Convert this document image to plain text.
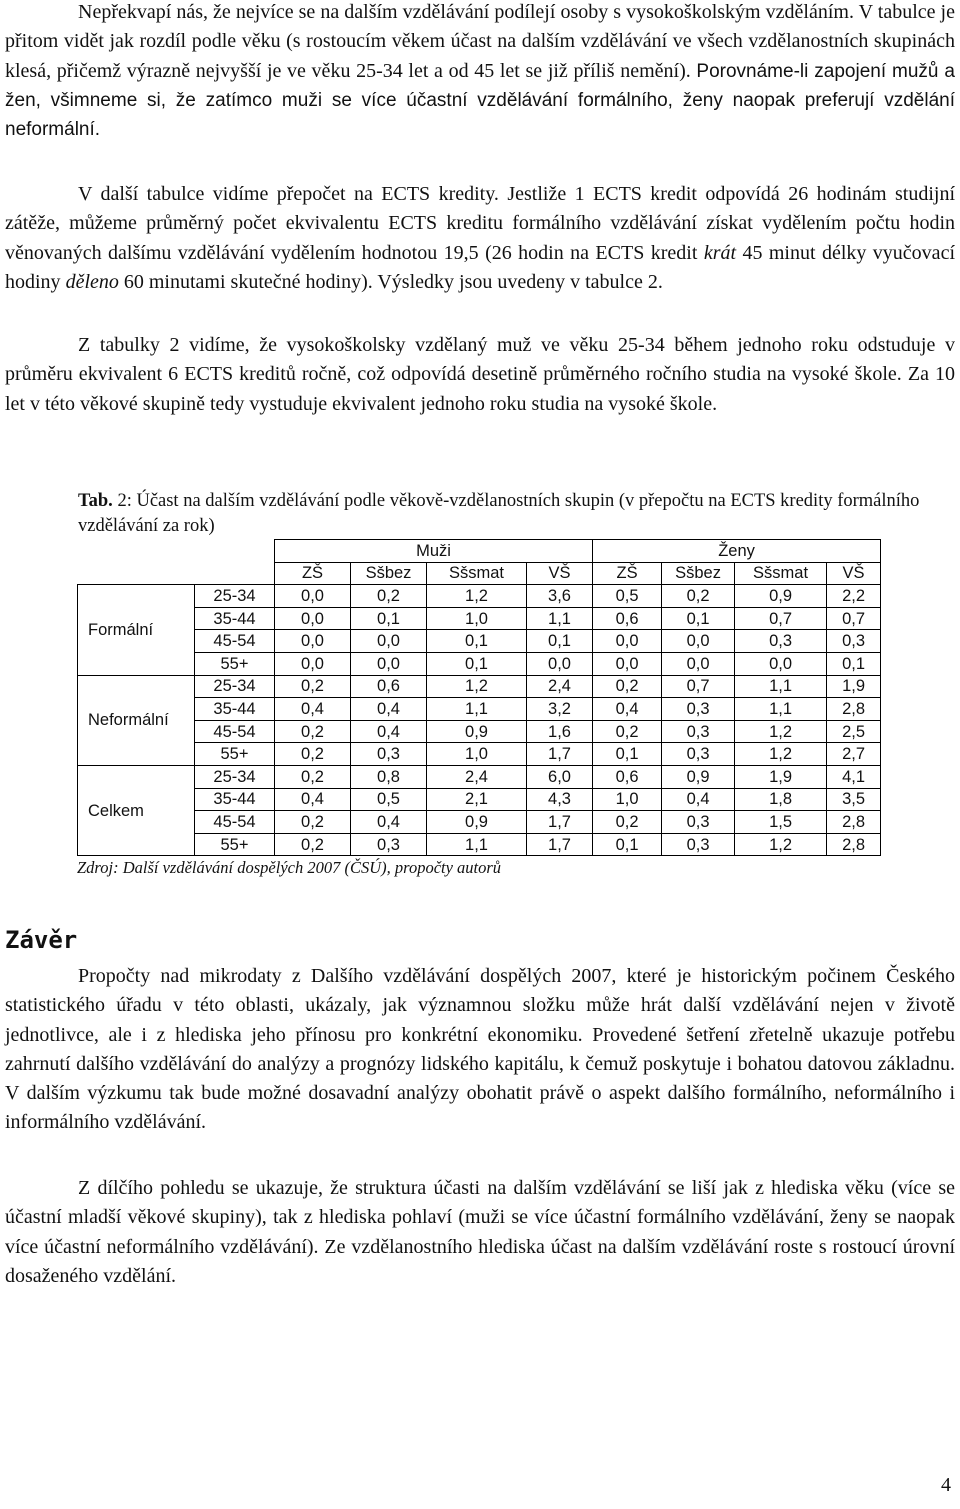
Nepřekvapí nás, že nejvíce se na dalším vzdělávání podílejí osoby s vysokoškolským vzděláním. V tabulce je přitom vidět jak rozdíl podle věku (s rostoucím věkem účast na dalším vzdělávání ve všech vzdělanostních skupinách klesá, přičemž výrazně nejvyšší je ve věku 25-34 let a od 45 let se již příliš nemění). Porovnáme-li zapojení mužů a žen, všimneme si, že zatímco muži se více účastní vzdělávání formálního, ženy naopak preferují vzdělání neformální.

V další tabulce vidíme přepočet na ECTS kredity. Jestliže 1 ECTS kredit odpovídá 26 hodinám studijní zátěže, můžeme průměrný počet ekvivalentu ECTS kreditu formálního vzdělávání získat vydělením počtu hodin věnovaných dalšímu vzdělávání vydělením hodnotou 19,5 (26 hodin na ECTS kredit krát 45 minut délky vyučovací hodiny děleno 60 minutami skutečné hodiny). Výsledky jsou uvedeny v tabulce 2.

Z tabulky 2 vidíme, že vysokoškolsky vzdělaný muž ve věku 25-34 během jednoho roku odstuduje v průměru ekvivalent 6 ECTS kreditů ročně, což odpovídá desetině průměrného ročního studia na vysoké škole. Za 10 let v této věkové skupině tedy vystuduje ekvivalent jednoho roku studia na vysoké škole.

Tab. 2: Účast na dalším vzdělávání podle věkově-vzdělanostních skupin (v přepočtu na ECTS kredity formálního vzdělávání za rok)

		Muži				Ženy			
		ZŠ	Sšbez	Sšsmat	VŠ	ZŠ	Sšbez	Sšsmat	VŠ
Formální	25-34	0,0	0,2	1,2	3,6	0,5	0,2	0,9	2,2
	35-44	0,0	0,1	1,0	1,1	0,6	0,1	0,7	0,7
	45-54	0,0	0,0	0,1	0,1	0,0	0,0	0,3	0,3
	55+	0,0	0,0	0,1	0,0	0,0	0,0	0,0	0,1
Neformální	25-34	0,2	0,6	1,2	2,4	0,2	0,7	1,1	1,9
	35-44	0,4	0,4	1,1	3,2	0,4	0,3	1,1	2,8
	45-54	0,2	0,4	0,9	1,6	0,2	0,3	1,2	2,5
	55+	0,2	0,3	1,0	1,7	0,1	0,3	1,2	2,7
Celkem	25-34	0,2	0,8	2,4	6,0	0,6	0,9	1,9	4,1
	35-44	0,4	0,5	2,1	4,3	1,0	0,4	1,8	3,5
	45-54	0,2	0,4	0,9	1,7	0,2	0,3	1,5	2,8
	55+	0,2	0,3	1,1	1,7	0,1	0,3	1,2	2,8

Zdroj: Další vzdělávání dospělých 2007 (ČSÚ), propočty autorů

Závěr

Propočty nad mikrodaty z Dalšího vzdělávání dospělých 2007, které je historickým počinem Českého statistického úřadu v této oblasti, ukázaly, jak významnou složku může hrát další vzdělávání nejen v životě jednotlivce, ale i z hlediska jeho přínosu pro konkrétní ekonomiku. Provedené šetření zřetelně ukazuje potřebu zahrnutí dalšího vzdělávání do analýzy a prognózy lidského kapitálu, k čemuž poskytuje i bohatou datovou základnu. V dalším výzkumu tak bude možné dosavadní analýzy obohatit právě o aspekt dalšího formálního, neformálního i informálního vzdělávání.

Z dílčího pohledu se ukazuje, že struktura účasti na dalším vzdělávání se liší jak z hlediska věku (více se účastní mladší věkové skupiny), tak z hlediska pohlaví (muži se více účastní formálního vzdělávání, ženy se naopak více účastní neformálního vzdělávání). Ze vzdělanostního hlediska účast na dalším vzdělávání roste s rostoucí úrovní dosaženého vzdělání.

4
